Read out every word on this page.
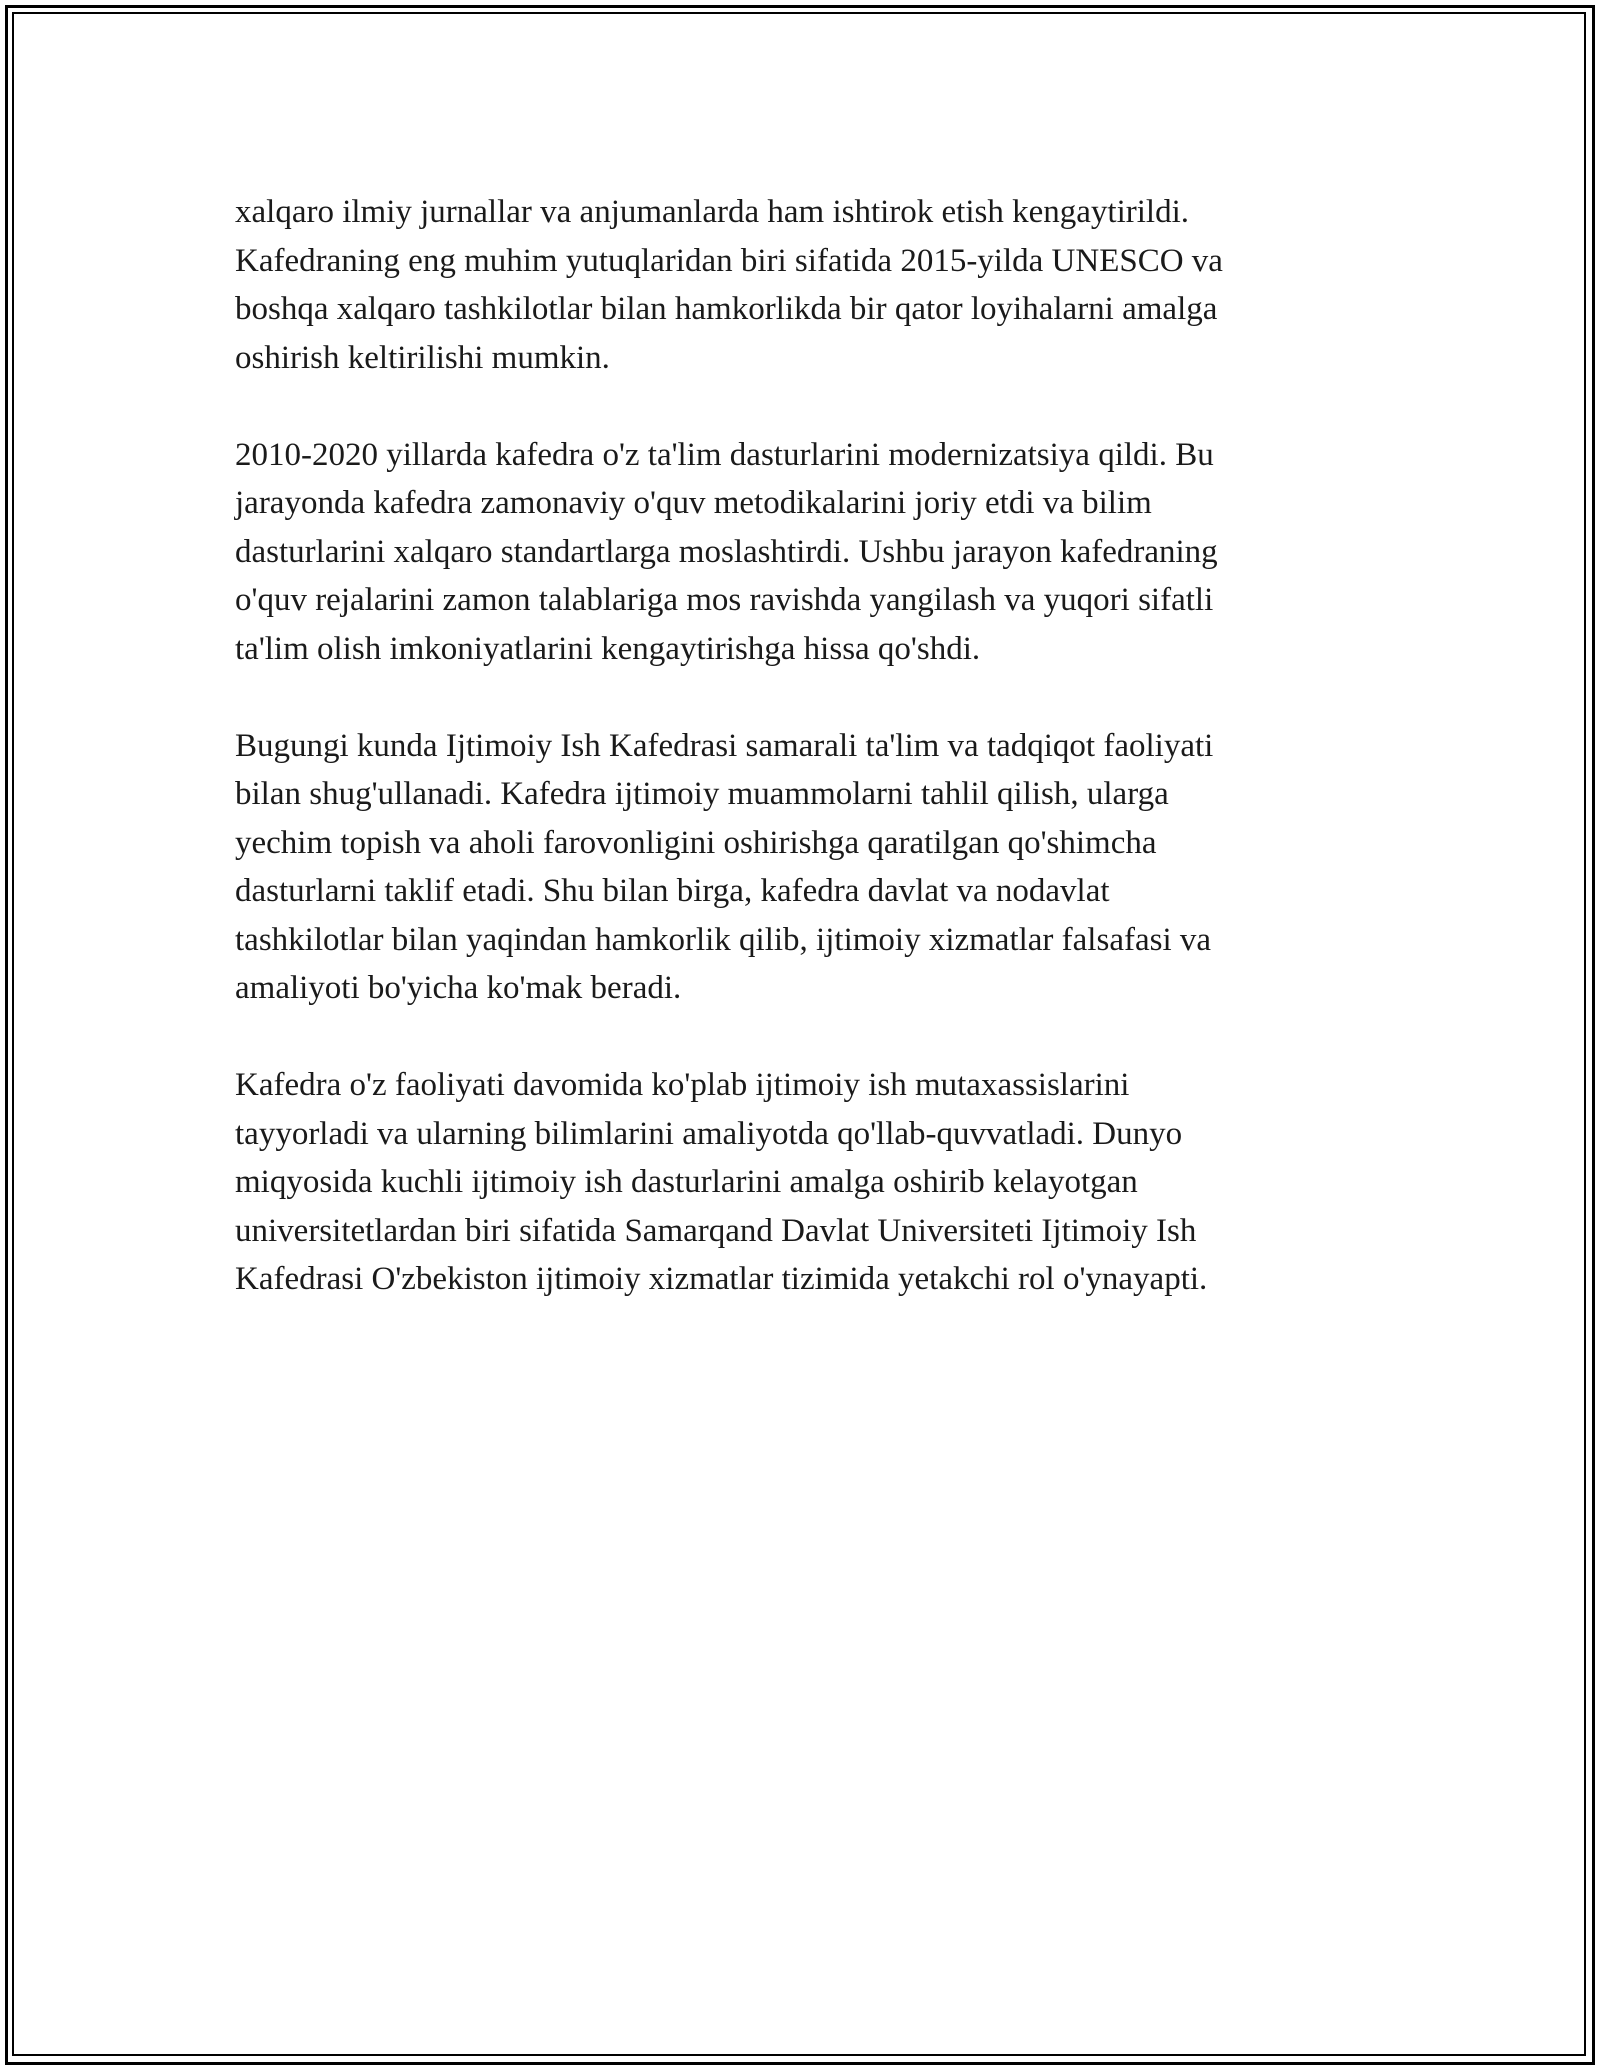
xalqaro ilmiy jurnallar va anjumanlarda ham ishtirok etish kengaytirildi.
Kafedraning eng muhim yutuqlaridan biri sifatida 2015-yilda UNESCO va
boshqa xalqaro tashkilotlar bilan hamkorlikda bir qator loyihalarni amalga
oshirish keltirilishi mumkin.

2010-2020 yillarda kafedra o'z ta'lim dasturlarini modernizatsiya qildi. Bu
jarayonda kafedra zamonaviy o'quv metodikalarini joriy etdi va bilim
dasturlarini xalqaro standartlarga moslashtirdi. Ushbu jarayon kafedraning
o'quv rejalarini zamon talablariga mos ravishda yangilash va yuqori sifatli
ta'lim olish imkoniyatlarini kengaytirishga hissa qo'shdi.

Bugungi kunda Ijtimoiy Ish Kafedrasi samarali ta'lim va tadqiqot faoliyati
bilan shug'ullanadi. Kafedra ijtimoiy muammolarni tahlil qilish, ularga
yechim topish va aholi farovonligini oshirishga qaratilgan qo'shimcha
dasturlarni taklif etadi. Shu bilan birga, kafedra davlat va nodavlat
tashkilotlar bilan yaqindan hamkorlik qilib, ijtimoiy xizmatlar falsafasi va
amaliyoti bo'yicha ko'mak beradi.

Kafedra o'z faoliyati davomida ko'plab ijtimoiy ish mutaxassislarini
tayyorladi va ularning bilimlarini amaliyotda qo'llab-quvvatladi. Dunyo
miqyosida kuchli ijtimoiy ish dasturlarini amalga oshirib kelayotgan
universitetlardan biri sifatida Samarqand Davlat Universiteti Ijtimoiy Ish
Kafedrasi O'zbekiston ijtimoiy xizmatlar tizimida yetakchi rol o'ynayapti.
